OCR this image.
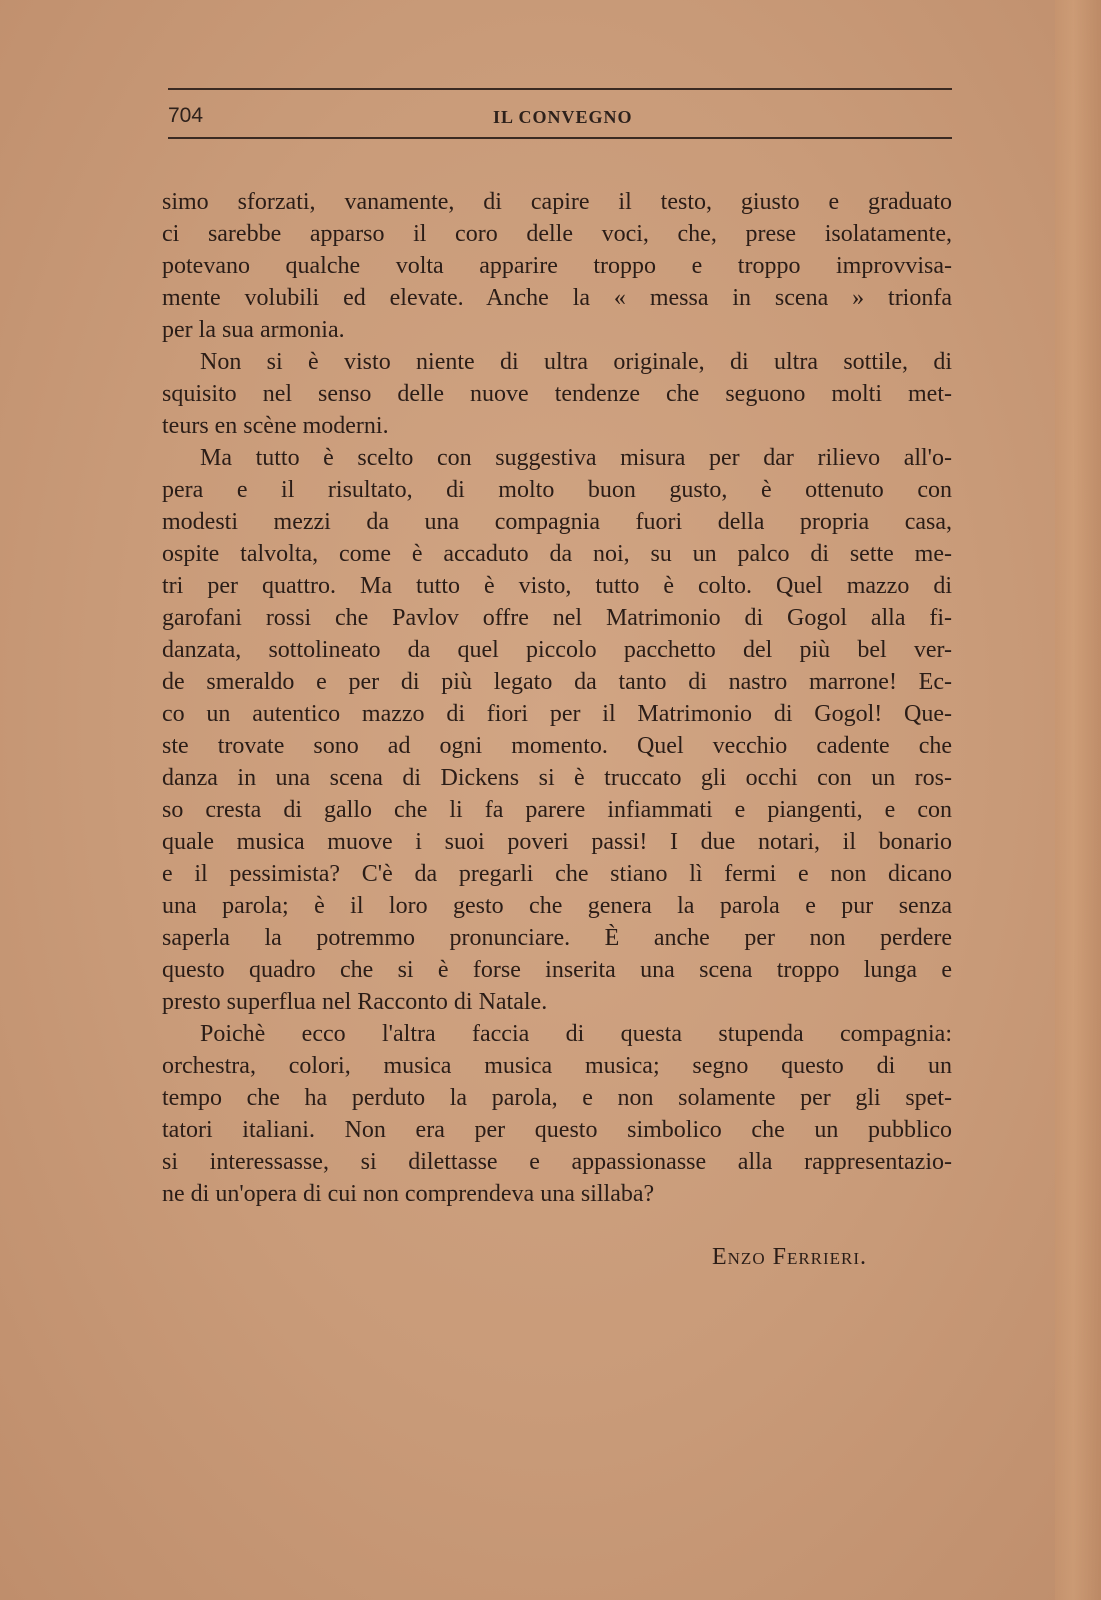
704	IL CONVEGNO
simo sforzati, vanamente, di capire il testo, giusto e graduato
ci sarebbe apparso il coro delle voci, che, prese isolatamente,
potevano qualche volta apparire troppo e troppo improvvisa-
mente volubili ed elevate. Anche la « messa in scena » trionfa
per la sua armonia.
Non si è visto niente di ultra originale, di ultra sottile, di
squisito nel senso delle nuove tendenze che seguono molti met-
teurs en scène moderni.
Ma tutto è scelto con suggestiva misura per dar rilievo all'o-
pera e il risultato, di molto buon gusto, è ottenuto con
modesti mezzi da una compagnia fuori della propria casa,
ospite talvolta, come è accaduto da noi, su un palco di sette me-
tri per quattro. Ma tutto è visto, tutto è colto. Quel mazzo di
garofani rossi che Pavlov offre nel Matrimonio di Gogol alla fi-
danzata, sottolineato da quel piccolo pacchetto del più bel ver-
de smeraldo e per di più legato da tanto di nastro marrone! Ec-
co un autentico mazzo di fiori per il Matrimonio di Gogol! Que-
ste trovate sono ad ogni momento. Quel vecchio cadente che
danza in una scena di Dickens si è truccato gli occhi con un ros-
so cresta di gallo che li fa parere infiammati e piangenti, e con
quale musica muove i suoi poveri passi! I due notari, il bonario
e il pessimista? C'è da pregarli che stiano lì fermi e non dicano
una parola; è il loro gesto che genera la parola e pur senza
saperla la potremmo pronunciare. È anche per non perdere
questo quadro che si è forse inserita una scena troppo lunga e
presto superflua nel Racconto di Natale.
Poichè ecco l'altra faccia di questa stupenda compagnia:
orchestra, colori, musica musica musica; segno questo di un
tempo che ha perduto la parola, e non solamente per gli spet-
tatori italiani. Non era per questo simbolico che un pubblico
si interessasse, si dilettasse e appassionasse alla rappresentazio-
ne di un'opera di cui non comprendeva una sillaba?
Enzo Ferrieri.
